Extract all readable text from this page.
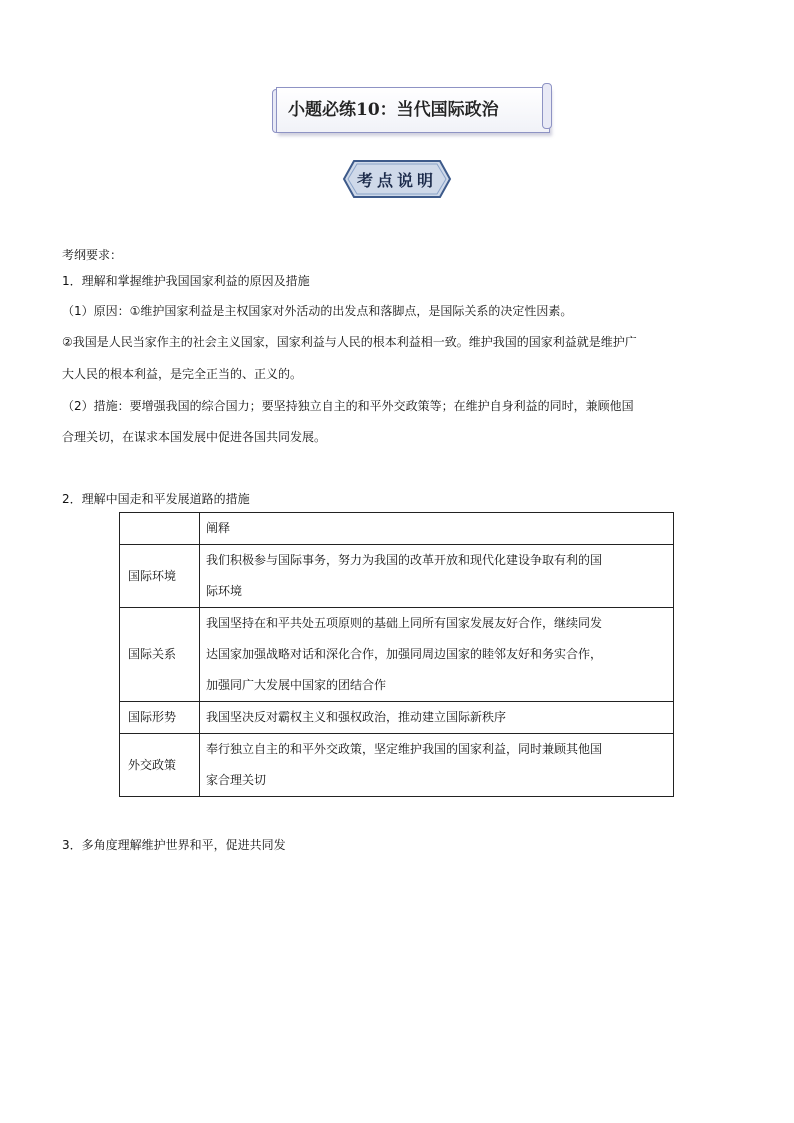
小题必练10：当代国际政治
考点说明
考纲要求：
1．理解和掌握维护我国国家利益的原因及措施
（1）原因：①维护国家利益是主权国家对外活动的出发点和落脚点，是国际关系的决定性因素。
②我国是人民当家作主的社会主义国家，国家利益与人民的根本利益相一致。维护我国的国家利益就是维护广
大人民的根本利益，是完全正当的、正义的。
（2）措施：要增强我国的综合国力；要坚持独立自主的和平外交政策等；在维护自身利益的同时，兼顾他国
合理关切，在谋求本国发展中促进各国共同发展。
2．理解中国走和平发展道路的措施
	阐释
国际环境	我们积极参与国际事务，努力为我国的改革开放和现代化建设争取有利的国
际环境

国际关系	我国坚持在和平共处五项原则的基础上同所有国家发展友好合作，继续同发
达国家加强战略对话和深化合作，加强同周边国家的睦邻友好和务实合作，
加强同广大发展中国家的团结合作

国际形势	我国坚决反对霸权主义和强权政治，推动建立国际新秩序

外交政策	奉行独立自主的和平外交政策，坚定维护我国的国家利益，同时兼顾其他国
家合理关切
3．多角度理解维护世界和平，促进共同发
